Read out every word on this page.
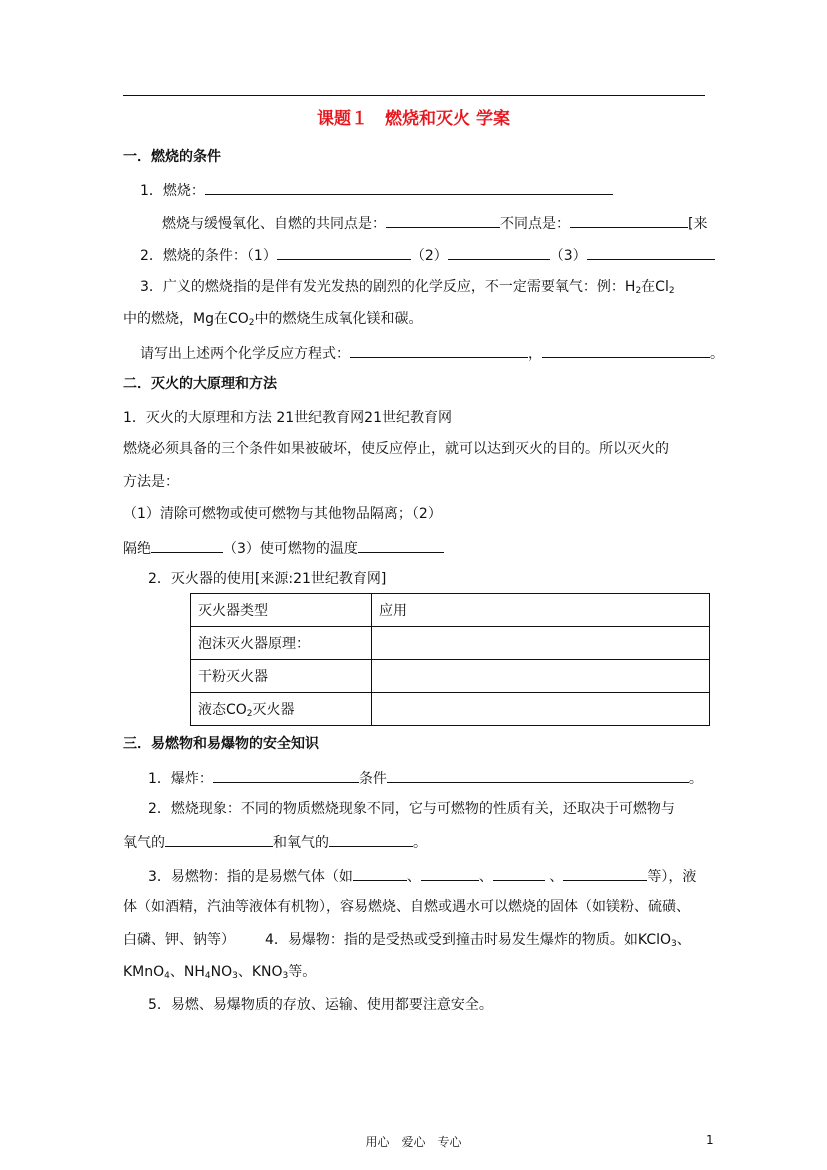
课题１　燃烧和灭火 学案
一．燃烧的条件
1．燃烧：
燃烧与缓慢氧化、自燃的共同点是：	不同点是：	[来
2．燃烧的条件：（1）	（2）	（3）
3．广义的燃烧指的是伴有发光发热的剧烈的化学反应，不一定需要氧气：例：$H_2$在$Cl_2$
中的燃烧，Mg在$CO_2$中的燃烧生成氧化镁和碳。
请写出上述两个化学反应方程式：	，	。
二．灭火的大原理和方法
1．灭火的大原理和方法 21世纪教育网21世纪教育网
燃烧必须具备的三个条件如果被破坏，使反应停止，就可以达到灭火的目的。所以灭火的
方法是：
（1）清除可燃物或使可燃物与其他物品隔离；（2）
隔绝	（3）使可燃物的温度
2．灭火器的使用[来源:21世纪教育网]
灭火器类型	应用
泡沫灭火器原理：	
干粉灭火器	
液态$CO_2$灭火器	
三．易燃物和易爆物的安全知识
1．爆炸：	条件	。
2．燃烧现象：不同的物质燃烧现象不同，它与可燃物的性质有关，还取决于可燃物与
氧气的	和氧气的	。
3．易燃物：指的是易燃气体（如	、	、	、	等），液
体（如酒精，汽油等液体有机物），容易燃烧、自燃或遇水可以燃烧的固体（如镁粉、硫磺、
白磷、钾、钠等） 4．易爆物：指的是受热或受到撞击时易发生爆炸的物质。如KClO$_3$、
KMnO$_4$、$NH_4NO_3$、$KNO_3$等。
5．易燃、易爆物质的存放、运输、使用都要注意安全。
用心　爱心　专心	1
